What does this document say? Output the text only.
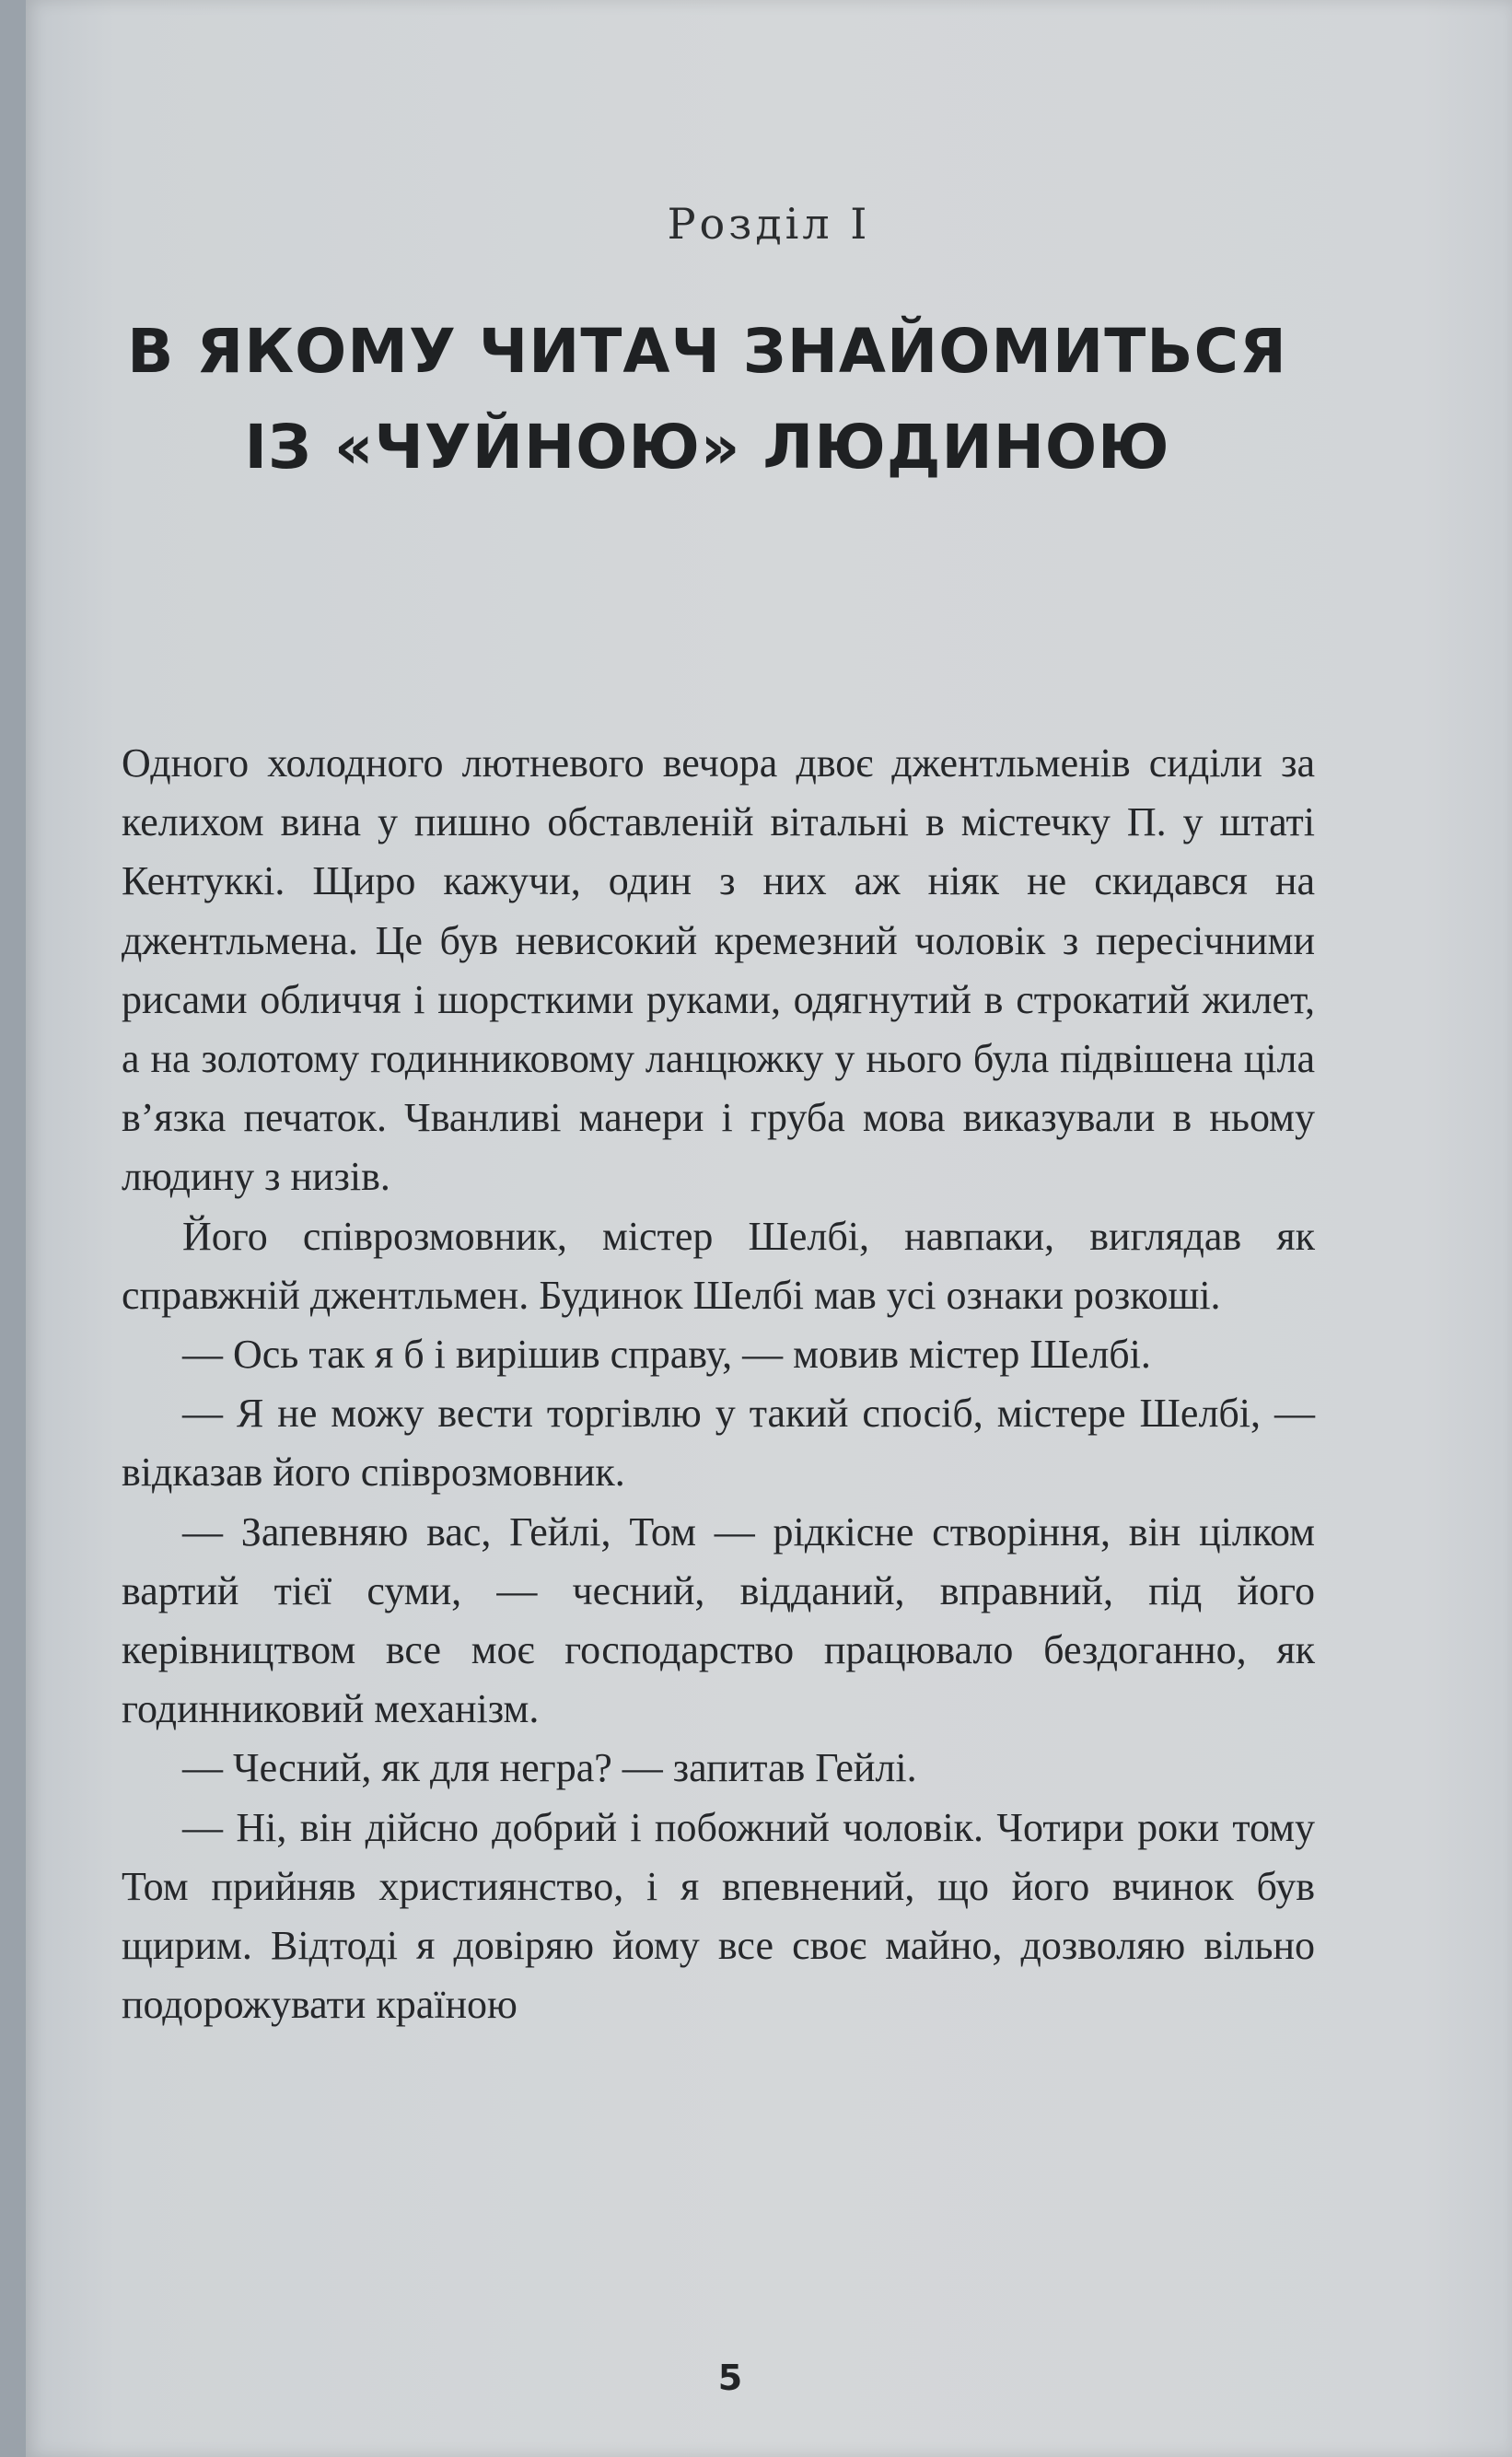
Розділ I
В ЯКОМУ ЧИТАЧ ЗНАЙОМИТЬСЯ
ІЗ «ЧУЙНОЮ» ЛЮДИНОЮ

Одного холодного лютневого вечора двоє джентльменів сиділи за келихом вина у пишно обставленій вітальні в містечку П. у штаті Кентуккі. Щиро кажучи, один з них аж ніяк не скидався на джентльмена. Це був невисокий кремезний чоловік з пересічними рисами обличчя і шорсткими руками, одягнутий в строкатий жилет, а на золотому годинниковому ланцюжку у нього була підвішена ціла в’язка печаток. Чванливі манери і груба мова виказували в ньому людину з низів.

Його співрозмовник, містер Шелбі, навпаки, виглядав як справжній джентльмен. Будинок Шелбі мав усі ознаки розкоші.

— Ось так я б і вирішив справу, — мовив містер Шелбі.

— Я не можу вести торгівлю у такий спосіб, містере Шелбі, — відказав його співрозмовник.

— Запевняю вас, Гейлі, Том — рідкісне створіння, він цілком вартий тієї суми, — чесний, відданий, вправний, під його керівництвом все моє господарство працювало бездоганно, як годинниковий механізм.

— Чесний, як для негра? — запитав Гейлі.

— Ні, він дійсно добрий і побожний чоловік. Чотири роки тому Том прийняв християнство, і я впевнений, що його вчинок був щирим. Відтоді я довіряю йому все своє майно, дозволяю вільно подорожувати країною

5
